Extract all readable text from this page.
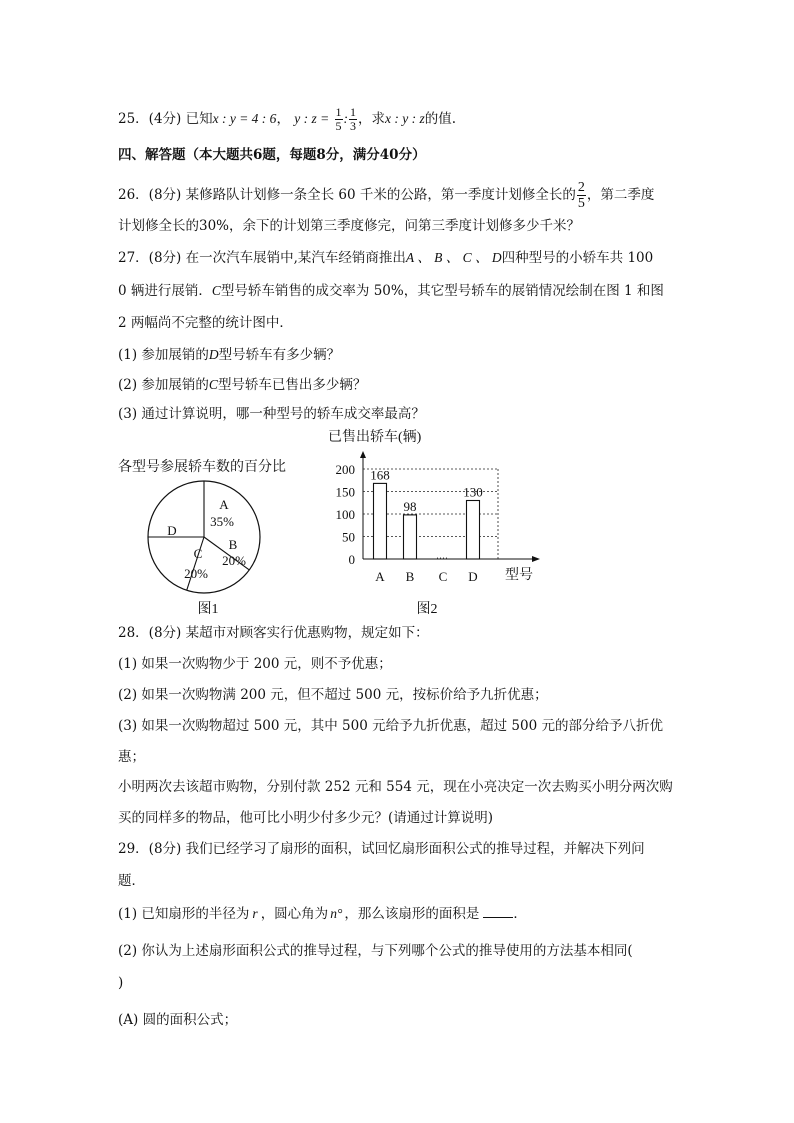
25．(4分) 已知x : y = 4 : 6， y : $z = \frac{1}{5}$ : $\frac{1}{3}$ ，求x : y : z的值.
四、解答题（本大题共6题，每题8分，满分40分）
26．(8分) 某修路队计划修一条全长 60 千米的公路，第一季度计划修全长的 $\frac{2}{5}$ ，第二季度
计划修全长的30%，余下的计划第三季度修完，问第三季度计划修多少千米？
27．(8分) 在一次汽车展销中,某汽车经销商推出A 、 B 、 C 、 D四种型号的小轿车共 100
0 辆进行展销．C型号轿车销售的成交率为 50%，其它型号轿车的展销情况绘制在图 1 和图
2 两幅尚不完整的统计图中．
(1) 参加展销的D型号轿车有多少辆？
(2) 参加展销的C型号轿车已售出多少辆？
(3) 通过计算说明，哪一种型号的轿车成交率最高？
各型号参展轿车数的百分比
A
35%
B
20%
C
20%
D
图1
已售出轿车(辆)
0
50
100
150
200 168
A
98
B C
130
D 型号
图2
28．(8分) 某超市对顾客实行优惠购物，规定如下：
(1) 如果一次购物少于 200 元，则不予优惠；
(2) 如果一次购物满 200 元，但不超过 500 元，按标价给予九折优惠；
(3) 如果一次购物超过 500 元，其中 500 元给予九折优惠，超过 500 元的部分给予八折优
惠；
小明两次去该超市购物，分别付款 252 元和 554 元，现在小亮决定一次去购买小明分两次购
买的同样多的物品，他可比小明少付多少元？(请通过计算说明)
29．(8分) 我们已经学习了扇形的面积，试回忆扇形面积公式的推导过程，并解决下列问
题．
(1) 已知扇形的半径为 r ，圆心角为 n° ，那么该扇形的面积是	．
(2) 你认为上述扇形面积公式的推导过程，与下列哪个公式的推导使用的方法基本相同(
)
(A) 圆的面积公式；
